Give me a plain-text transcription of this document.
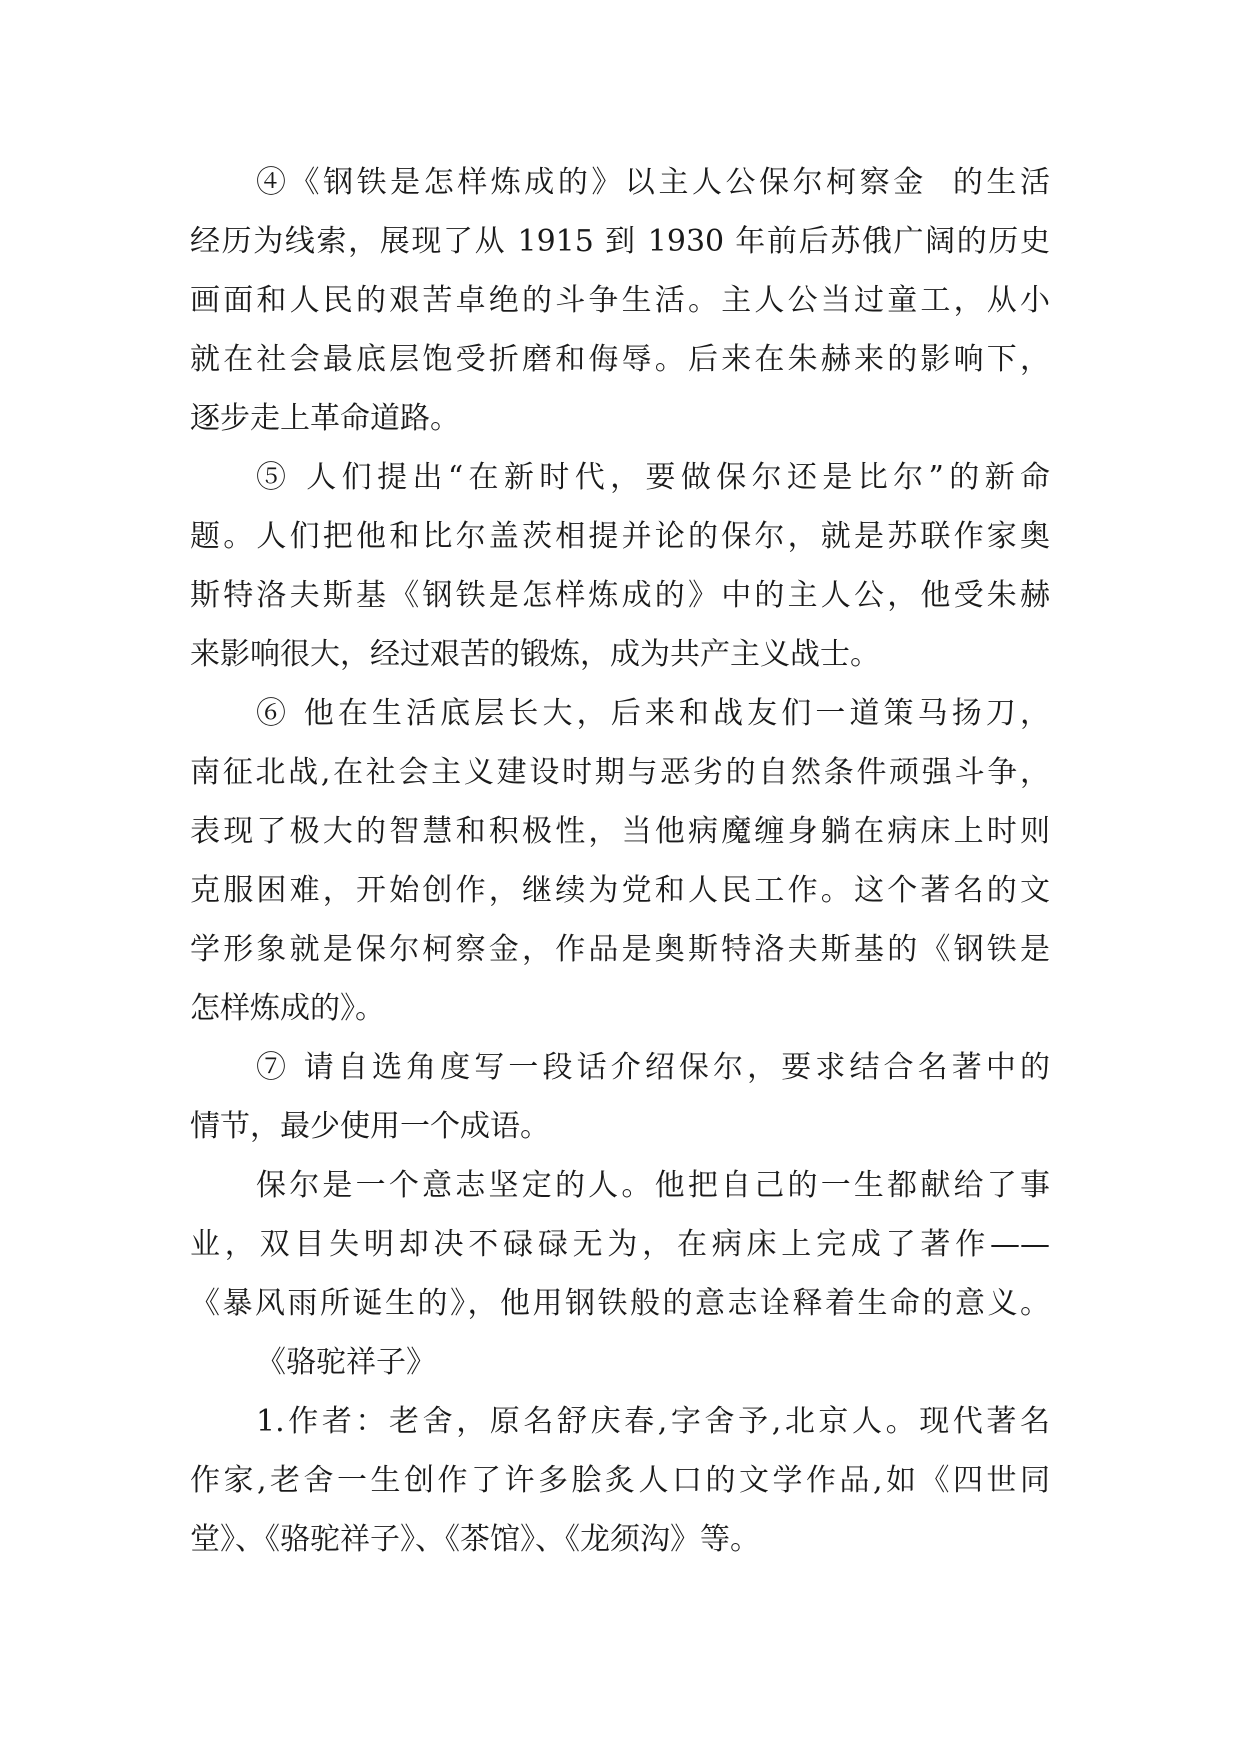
④《钢铁是怎样炼成的》以主人公保尔柯察金  的生活
经历为线索，展现了从 1915 到 1930 年前后苏俄广阔的历史
画面和人民的艰苦卓绝的斗争生活。主人公当过童工，从小
就在社会最底层饱受折磨和侮辱。后来在朱赫来的影响下，
逐步走上革命道路。
⑤ 人们提出“在新时代，要做保尔还是比尔”的新命
题。人们把他和比尔盖茨相提并论的保尔，就是苏联作家奥
斯特洛夫斯基《钢铁是怎样炼成的》中的主人公，他受朱赫
来影响很大，经过艰苦的锻炼，成为共产主义战士。
⑥ 他在生活底层长大，后来和战友们一道策马扬刀，
南征北战,在社会主义建设时期与恶劣的自然条件顽强斗争，
表现了极大的智慧和积极性，当他病魔缠身躺在病床上时则
克服困难，开始创作，继续为党和人民工作。这个著名的文
学形象就是保尔柯察金，作品是奥斯特洛夫斯基的《钢铁是
怎样炼成的》。
⑦ 请自选角度写一段话介绍保尔，要求结合名著中的
情节，最少使用一个成语。
保尔是一个意志坚定的人。他把自己的一生都献给了事
业，双目失明却决不碌碌无为，在病床上完成了著作——
《暴风雨所诞生的》，他用钢铁般的意志诠释着生命的意义。
《骆驼祥子》
1.作者：老舍，原名舒庆春,字舍予,北京人。现代著名
作家,老舍一生创作了许多脍炙人口的文学作品,如《四世同
堂》、《骆驼祥子》、《茶馆》、《龙须沟》等。
